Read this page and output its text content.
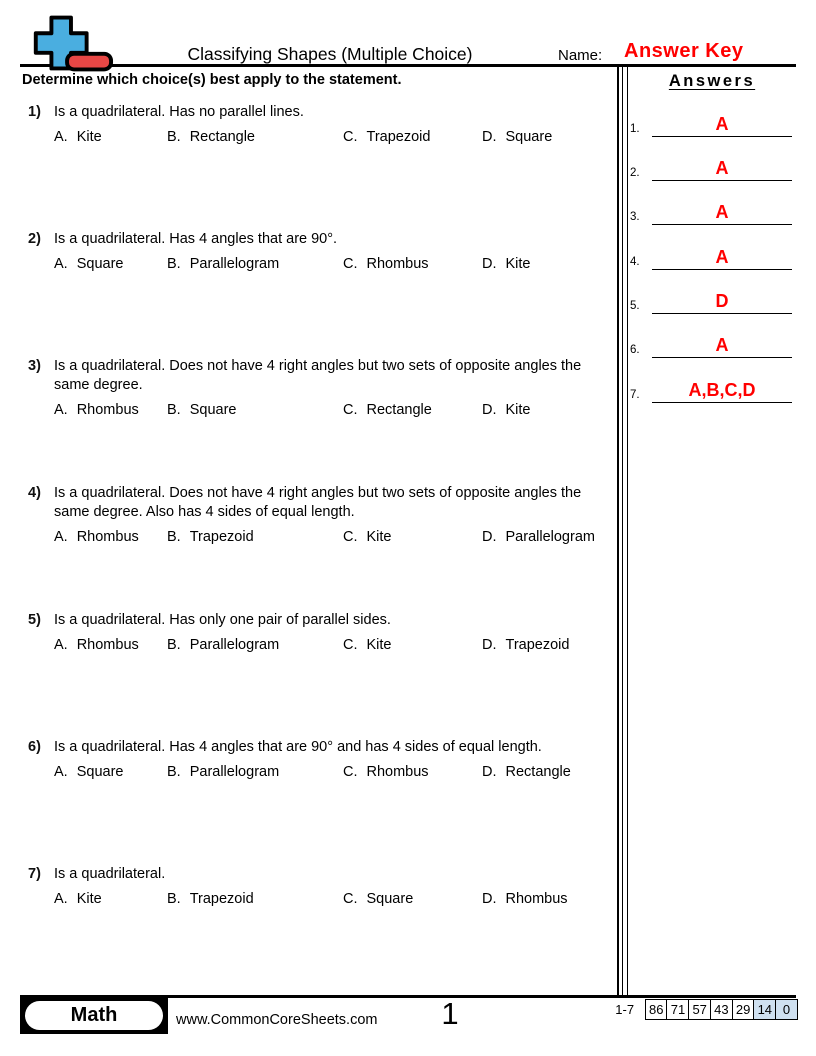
Classifying Shapes (Multiple Choice)	Name: Answer Key
Determine which choice(s) best apply to the statement.
1) Is a quadrilateral. Has no parallel lines.
A. Kite	B. Rectangle	C. Trapezoid	D. Square
2) Is a quadrilateral. Has 4 angles that are 90°.
A. Square	B. Parallelogram	C. Rhombus	D. Kite
3) Is a quadrilateral. Does not have 4 right angles but two sets of opposite angles the same degree.
A. Rhombus	B. Square	C. Rectangle	D. Kite
4) Is a quadrilateral. Does not have 4 right angles but two sets of opposite angles the same degree. Also has 4 sides of equal length.
A. Rhombus	B. Trapezoid	C. Kite	D. Parallelogram
5) Is a quadrilateral. Has only one pair of parallel sides.
A. Rhombus	B. Parallelogram	C. Kite	D. Trapezoid
6) Is a quadrilateral. Has 4 angles that are 90° and has 4 sides of equal length.
A. Square	B. Parallelogram	C. Rhombus	D. Rectangle
7) Is a quadrilateral.
A. Kite	B. Trapezoid	C. Square	D. Rhombus
Answers
1.	A
2.	A
3.	A
4.	A
5.	D
6.	A
7.	A,B,C,D
Math	www.CommonCoreSheets.com	1	1-7	86 71 57 43 29 14 0
